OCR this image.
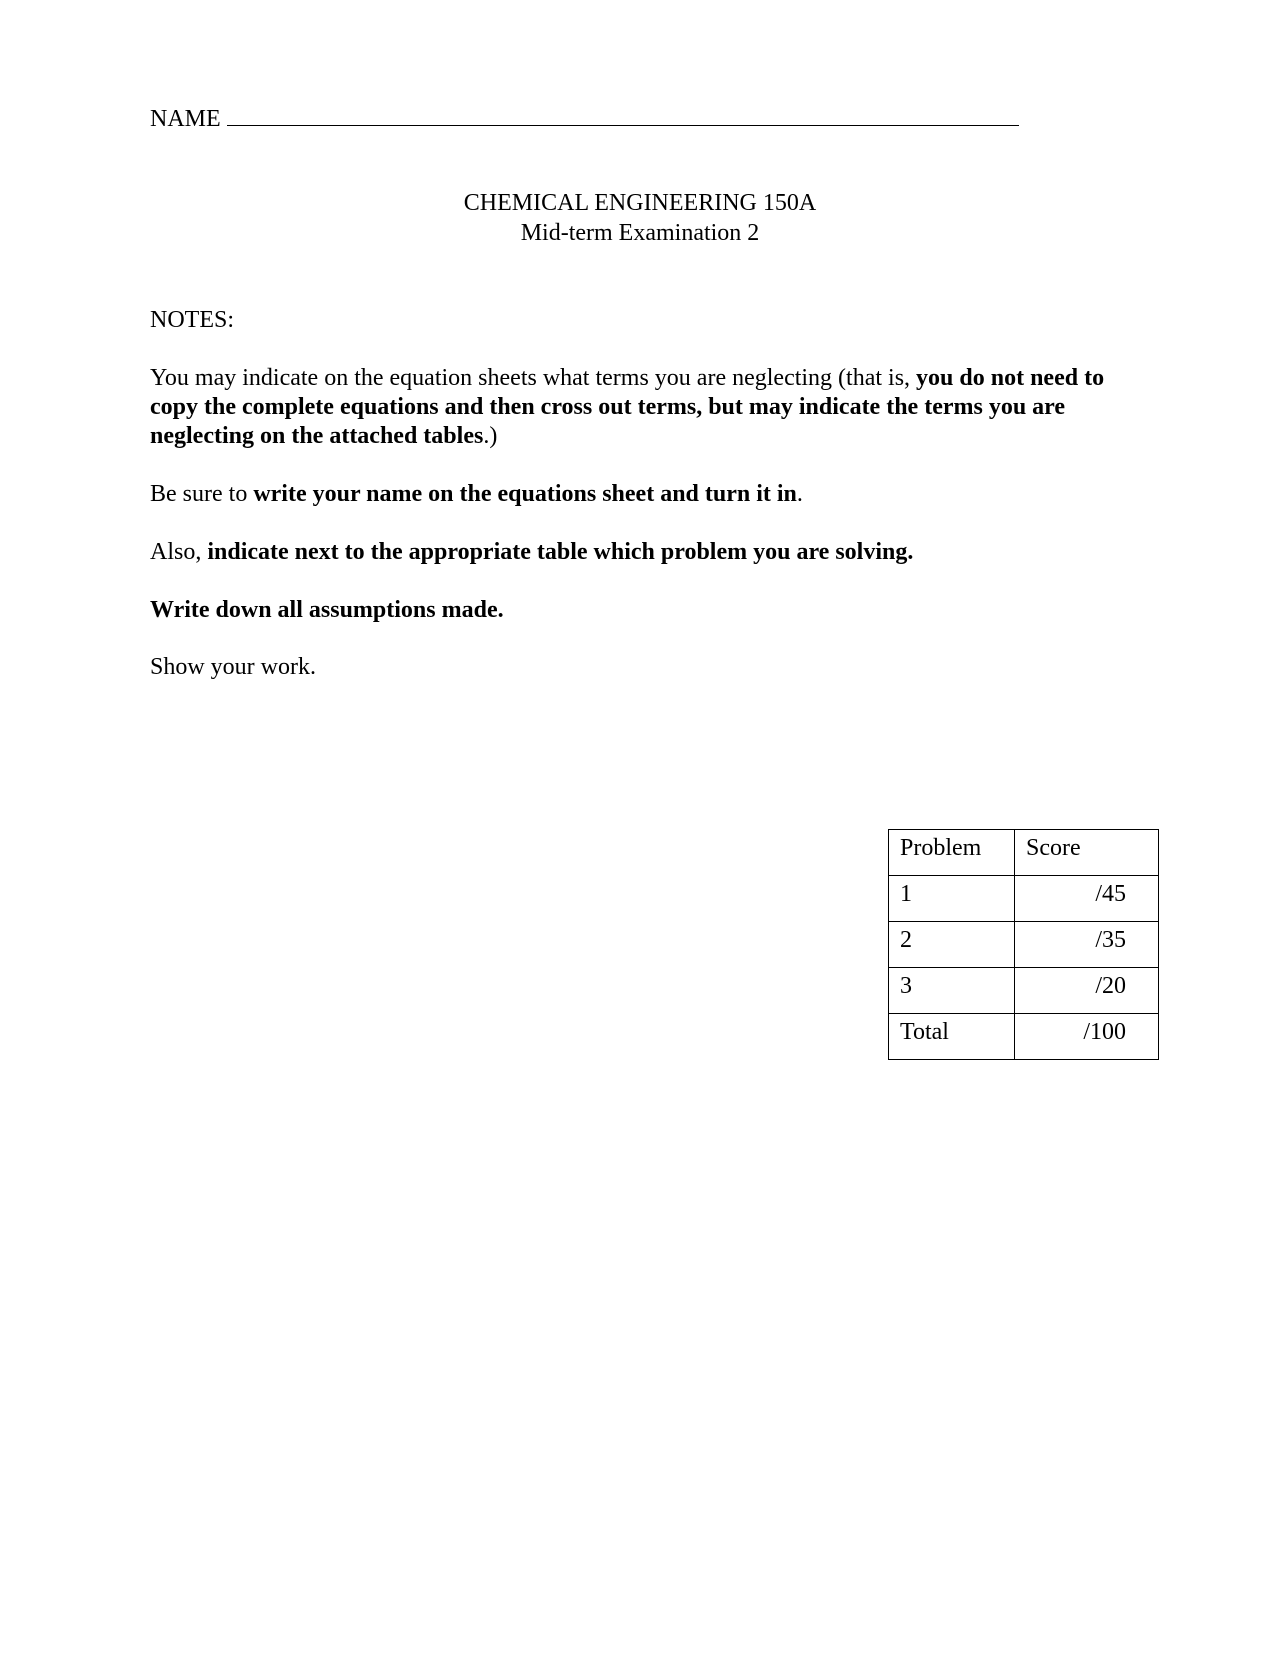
NAME
CHEMICAL ENGINEERING 150A
Mid-term Examination 2
NOTES:
You may indicate on the equation sheets what terms you are neglecting (that is, you do not need to copy the complete equations and then cross out terms, but may indicate the terms you are neglecting on the attached tables.)
Be sure to write your name on the equations sheet and turn it in.
Also, indicate next to the appropriate table which problem you are solving.
Write down all assumptions made.
Show your work.
Problem	Score
1	/45
2	/35
3	/20
Total	/100
